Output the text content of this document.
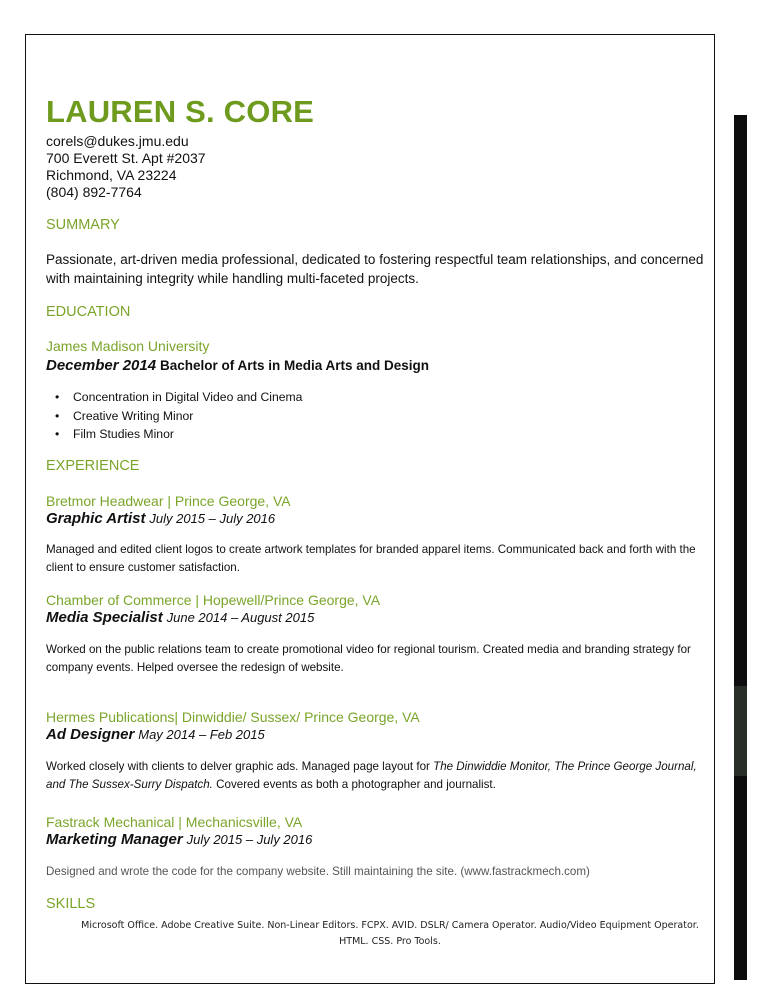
LAUREN S. CORE
corels@dukes.jmu.edu
700 Everett St. Apt #2037
Richmond, VA 23224
(804) 892-7764
SUMMARY
Passionate, art-driven media professional, dedicated to fostering respectful team relationships, and concerned with maintaining integrity while handling multi-faceted projects.
EDUCATION
James Madison University
December 2014 Bachelor of Arts in Media Arts and Design
• Concentration in Digital Video and Cinema
• Creative Writing Minor
• Film Studies Minor
EXPERIENCE
Bretmor Headwear | Prince George, VA
Graphic Artist July 2015 – July 2016
Managed and edited client logos to create artwork templates for branded apparel items. Communicated back and forth with the client to ensure customer satisfaction.
Chamber of Commerce | Hopewell/Prince George, VA
Media Specialist June 2014 – August 2015
Worked on the public relations team to create promotional video for regional tourism. Created media and branding strategy for company events. Helped oversee the redesign of website.
Hermes Publications| Dinwiddie/ Sussex/ Prince George, VA
Ad Designer May 2014 – Feb 2015
Worked closely with clients to delver graphic ads. Managed page layout for The Dinwiddie Monitor, The Prince George Journal, and The Sussex-Surry Dispatch. Covered events as both a photographer and journalist.
Fastrack Mechanical | Mechanicsville, VA
Marketing Manager July 2015 – July 2016
Designed and wrote the code for the company website. Still maintaining the site. (www.fastrackmech.com)
SKILLS
Microsoft Office. Adobe Creative Suite. Non-Linear Editors. FCPX. AVID. DSLR/ Camera Operator. Audio/Video Equipment Operator.
HTML. CSS. Pro Tools.
